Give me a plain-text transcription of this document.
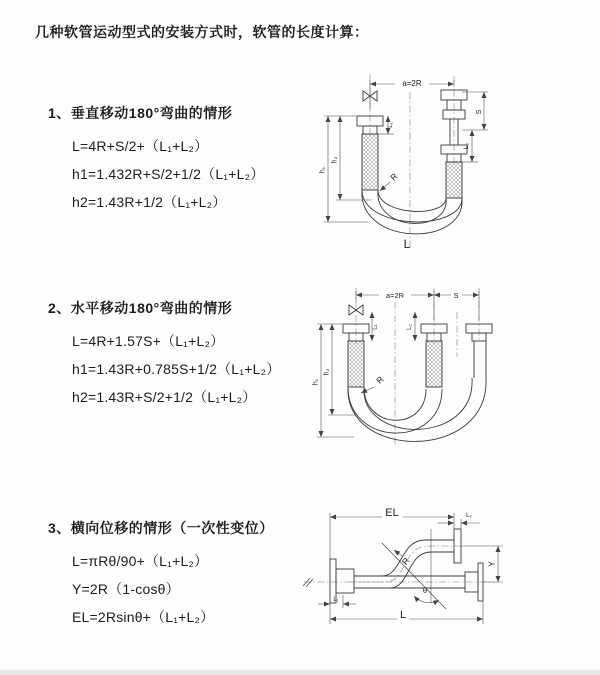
几种软管运动型式的安装方式时，软管的长度计算：
1、垂直移动180°弯曲的情形
L=4R+S/2+（L₁+L₂）
h1=1.432R+S/2+1/2（L₁+L₂）
h2=1.43R+1/2（L₁+L₂）
2、水平移动180°弯曲的情形
L=4R+1.57S+（L₁+L₂）
h1=1.43R+0.785S+1/2（L₁+L₂）
h2=1.43R+S/2+1/2（L₁+L₂）
3、横向位移的情形（一次性变位）
L=πRθ/90+（L₁+L₂）
Y=2R（1-cosθ）
EL=2Rsinθ+（L₁+L₂）
a=2R
S
L₂
h₁
h₂
L₁
R
L
a=2R	S
L₁	L₂
h₁
h₂
R
EL	L₂
Y
R
θ
L
L₁
